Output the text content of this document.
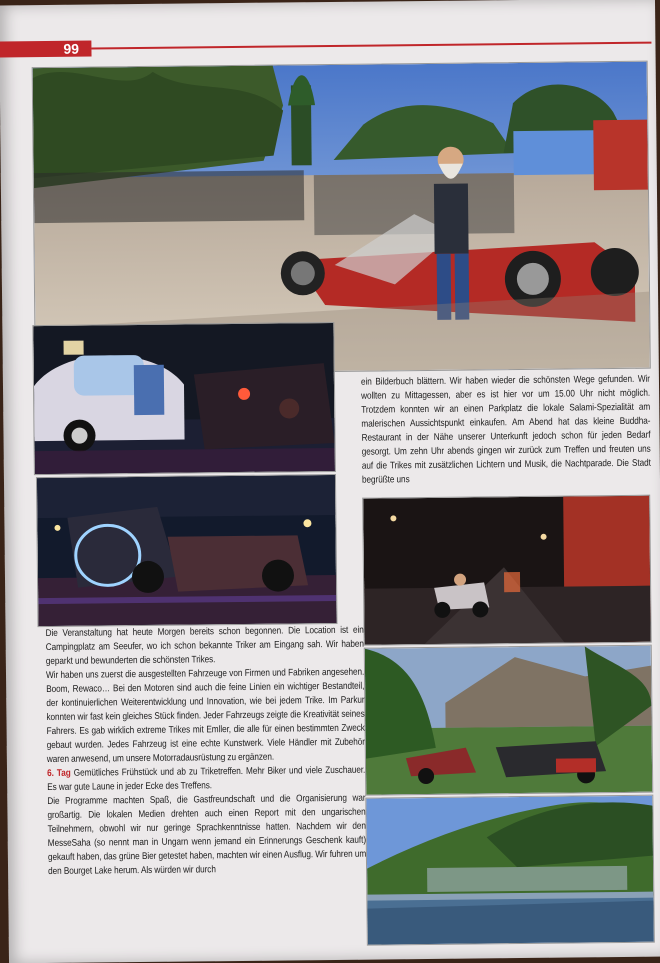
99

ein Bilderbuch blättern. Wir haben wieder die schönsten Wege gefunden. Wir wollten zu Mittagessen, aber es ist hier vor um 15.00 Uhr nicht möglich. Trotzdem konnten wir an einen Parkplatz die lokale Salami-Spezialität am malerischen Aussichtspunkt einkaufen. Am Abend hat das kleine Buddha-Restaurant in der Nähe unserer Unterkunft jedoch schon für jeden Bedarf gesorgt. Um zehn Uhr abends gingen wir zurück zum Treffen und freuten uns auf die Trikes mit zusätzlichen Lichtern und Musik, die Nachtparade. Die Stadt begrüßte uns

Die Veranstaltung hat heute Morgen bereits schon begonnen. Die Location ist ein Campingplatz am Seeufer, wo ich schon bekannte Triker am Eingang sah. Wir haben geparkt und bewunderten die schönsten Trikes.

Wir haben uns zuerst die ausgestellten Fahrzeuge von Firmen und Fabriken angesehen. Boom, Rewaco… Bei den Motoren sind auch die feine Linien ein wichtiger Bestandteil, der kontinuierlichen Weiterentwicklung und Innovation, wie bei jedem Trike. Im Parkur konnten wir fast kein gleiches Stück finden. Jeder Fahrzeugs zeigte die Kreativität seines Fahrers. Es gab wirklich extreme Trikes mit Emller, die alle für einen bestimmten Zweck gebaut wurden. Jedes Fahrzeug ist eine echte Kunstwerk. Viele Händler mit Zubehör waren anwesend, um unsere Motorradausrüstung zu ergänzen.

6. Tag Gemütliches Frühstück und ab zu Triketreffen. Mehr Biker und viele Zuschauer. Es war gute Laune in jeder Ecke des Treffens.

Die Programme machten Spaß, die Gastfreundschaft und die Organisierung war großartig. Die lokalen Medien drehten auch einen Report mit den ungarischen Teilnehmern, obwohl wir nur geringe Sprachkenntnisse hatten. Nachdem wir den MesseSaha (so nennt man in Ungarn wenn jemand ein Erinnerungs Geschenk kauft) gekauft haben, das grüne Bier getestet haben, machten wir einen Ausflug. Wir fuhren um den Bourget Lake herum. Als würden wir durch
